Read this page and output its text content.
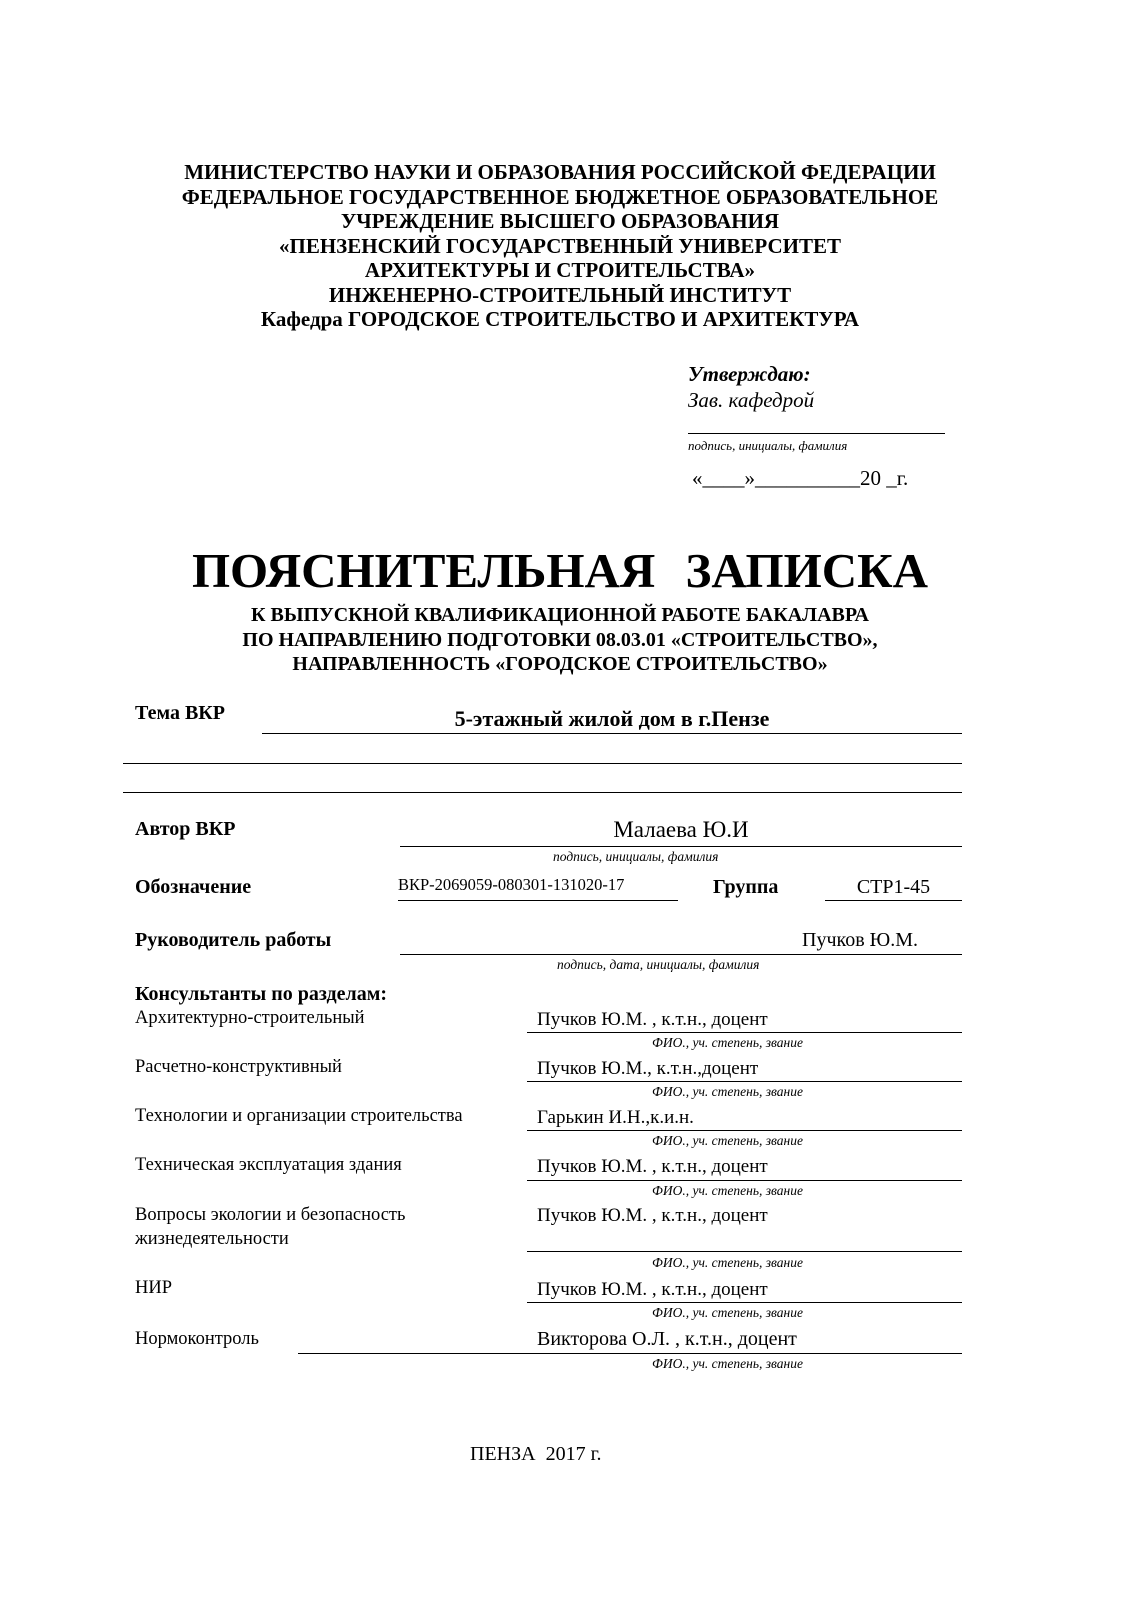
МИНИСТЕРСТВО НАУКИ И ОБРАЗОВАНИЯ РОССИЙСКОЙ ФЕДЕРАЦИИ
ФЕДЕРАЛЬНОЕ ГОСУДАРСТВЕННОЕ БЮДЖЕТНОЕ ОБРАЗОВАТЕЛЬНОЕ
УЧРЕЖДЕНИЕ ВЫСШЕГО ОБРАЗОВАНИЯ
«ПЕНЗЕНСКИЙ ГОСУДАРСТВЕННЫЙ УНИВЕРСИТЕТ
АРХИТЕКТУРЫ И СТРОИТЕЛЬСТВА»
ИНЖЕНЕРНО-СТРОИТЕЛЬНЫЙ ИНСТИТУТ
Кафедра ГОРОДСКОЕ СТРОИТЕЛЬСТВО И АРХИТЕКТУРА
Утверждаю:
Зав. кафедрой
подпись, инициалы, фамилия
«____»__________20 _г.
ПОЯСНИТЕЛЬНАЯ ЗАПИСКА
К ВЫПУСКНОЙ КВАЛИФИКАЦИОННОЙ РАБОТЕ БАКАЛАВРА
ПО НАПРАВЛЕНИЮ ПОДГОТОВКИ 08.03.01 «СТРОИТЕЛЬСТВО»,
НАПРАВЛЕННОСТЬ «ГОРОДСКОЕ СТРОИТЕЛЬСТВО»
Тема ВКР	5-этажный жилой дом в г.Пензе
Автор ВКР	Малаева Ю.И
подпись, инициалы, фамилия
Обозначение	ВКР-2069059-080301-131020-17	Группа	СТР1-45
Руководитель работы	Пучков Ю.М.
подпись, дата, инициалы, фамилия
Консультанты по разделам:
Архитектурно-строительный	Пучков Ю.М. , к.т.н., доцент
ФИО., уч. степень, звание
Расчетно-конструктивный	Пучков Ю.М., к.т.н.,доцент
ФИО., уч. степень, звание
Технологии и организации строительства	Гарькин И.Н.,к.и.н.
ФИО., уч. степень, звание
Техническая эксплуатация здания	Пучков Ю.М. , к.т.н., доцент
ФИО., уч. степень, звание
Вопросы экологии и безопасность
жизнедеятельности
Пучков Ю.М. , к.т.н., доцент
ФИО., уч. степень, звание
НИР	Пучков Ю.М. , к.т.н., доцент
ФИО., уч. степень, звание
Нормоконтроль	Викторова О.Л. , к.т.н., доцент
ФИО., уч. степень, звание
ПЕНЗА  2017 г.
